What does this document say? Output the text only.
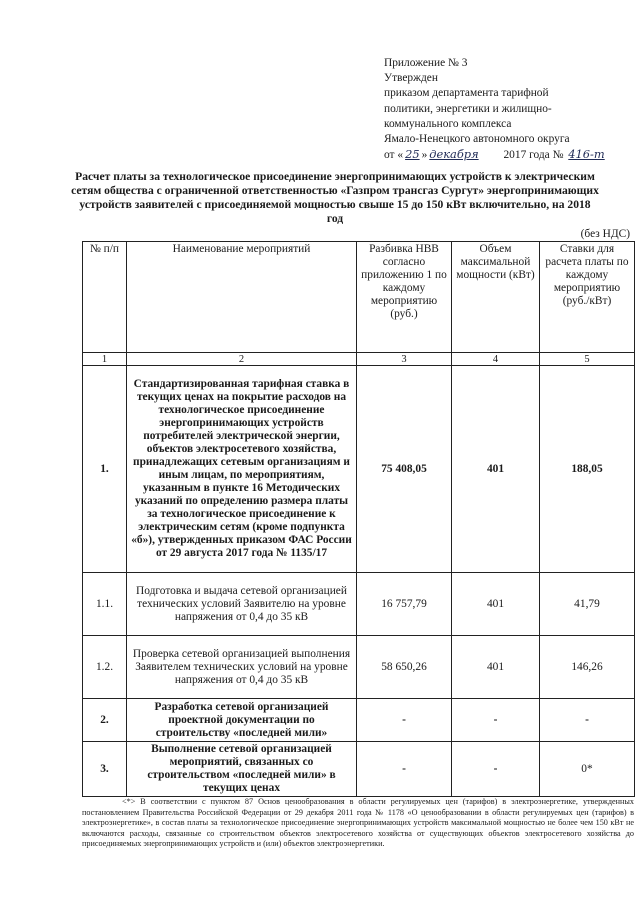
Приложение № 3
Утвержден
приказом департамента тарифной
политики, энергетики и жилищно-
коммунального комплекса
Ямало-Ненецкого автономного округа
от « 25 » декабря 2017 года № 416-т
Расчет платы за технологическое присоединение энергопринимающих устройств к электрическим сетям общества с ограниченной ответственностью «Газпром трансгаз Сургут» энергопринимающих устройств заявителей с присоединяемой мощностью свыше 15 до 150 кВт включительно, на 2018 год
(без НДС)
№ п/п	Наименование мероприятий	Разбивка НВВ согласно приложению 1 по каждому мероприятию (руб.)	Объем максимальной мощности (кВт)	Ставки для расчета платы по каждому мероприятию (руб./кВт)
1	2	3	4	5
1.	Стандартизированная тарифная ставка в текущих ценах на покрытие расходов на технологическое присоединение энергопринимающих устройств потребителей электрической энергии, объектов электросетевого хозяйства, принадлежащих сетевым организациям и иным лицам, по мероприятиям, указанным в пункте 16 Методических указаний по определению размера платы за технологическое присоединение к электрическим сетям (кроме подпункта «б»), утвержденных приказом ФАС России от 29 августа 2017 года № 1135/17	75 408,05	401	188,05
1.1.	Подготовка и выдача сетевой организацией технических условий Заявителю на уровне напряжения от 0,4 до 35 кВ	16 757,79	401	41,79
1.2.	Проверка сетевой организацией выполнения Заявителем технических условий на уровне напряжения от 0,4 до 35 кВ	58 650,26	401	146,26
2.	Разработка сетевой организацией проектной документации по строительству «последней мили»	-	-	-
3.	Выполнение сетевой организацией мероприятий, связанных со строительством «последней мили» в текущих ценах	-	-	0*

<*> В соответствии с пунктом 87 Основ ценообразования в области регулируемых цен (тарифов) в электроэнергетике, утвержденных постановлением Правительства Российской Федерации от 29 декабря 2011 года № 1178 «О ценообразовании в области регулируемых цен (тарифов) в электроэнергетике», в состав платы за технологическое присоединение энергопринимающих устройств максимальной мощностью не более чем 150 кВт не включаются расходы, связанные со строительством объектов электросетевого хозяйства от существующих объектов электросетевого хозяйства до присоединяемых энергопринимающих устройств и (или) объектов электроэнергетики.
